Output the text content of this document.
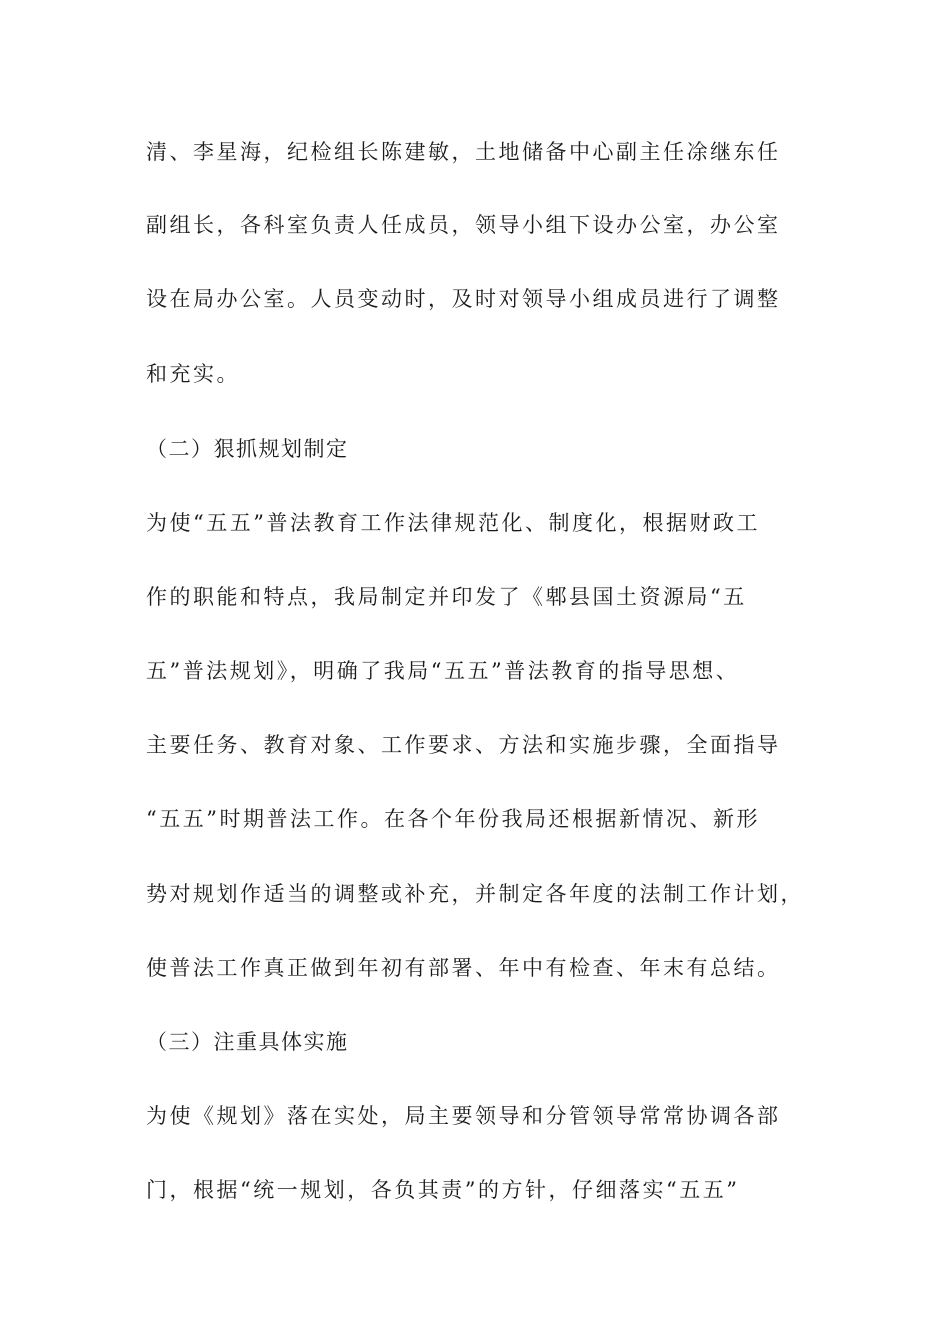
清、李星海，纪检组长陈建敏，土地储备中心副主任凃继东任
副组长，各科室负责人任成员，领导小组下设办公室，办公室
设在局办公室。人员变动时，及时对领导小组成员进行了调整
和充实。
（二）狠抓规划制定
为使“五五”普法教育工作法律规范化、制度化，根据财政工
作的职能和特点，我局制定并印发了《郫县国土资源局“五
五”普法规划》，明确了我局“五五”普法教育的指导思想、
主要任务、教育对象、工作要求、方法和实施步骤，全面指导
“五五”时期普法工作。在各个年份我局还根据新情况、新形
势对规划作适当的调整或补充，并制定各年度的法制工作计划，
使普法工作真正做到年初有部署、年中有检查、年末有总结。
（三）注重具体实施
为使《规划》落在实处，局主要领导和分管领导常常协调各部
门，根据“统一规划，各负其责”的方针，仔细落实“五五”
